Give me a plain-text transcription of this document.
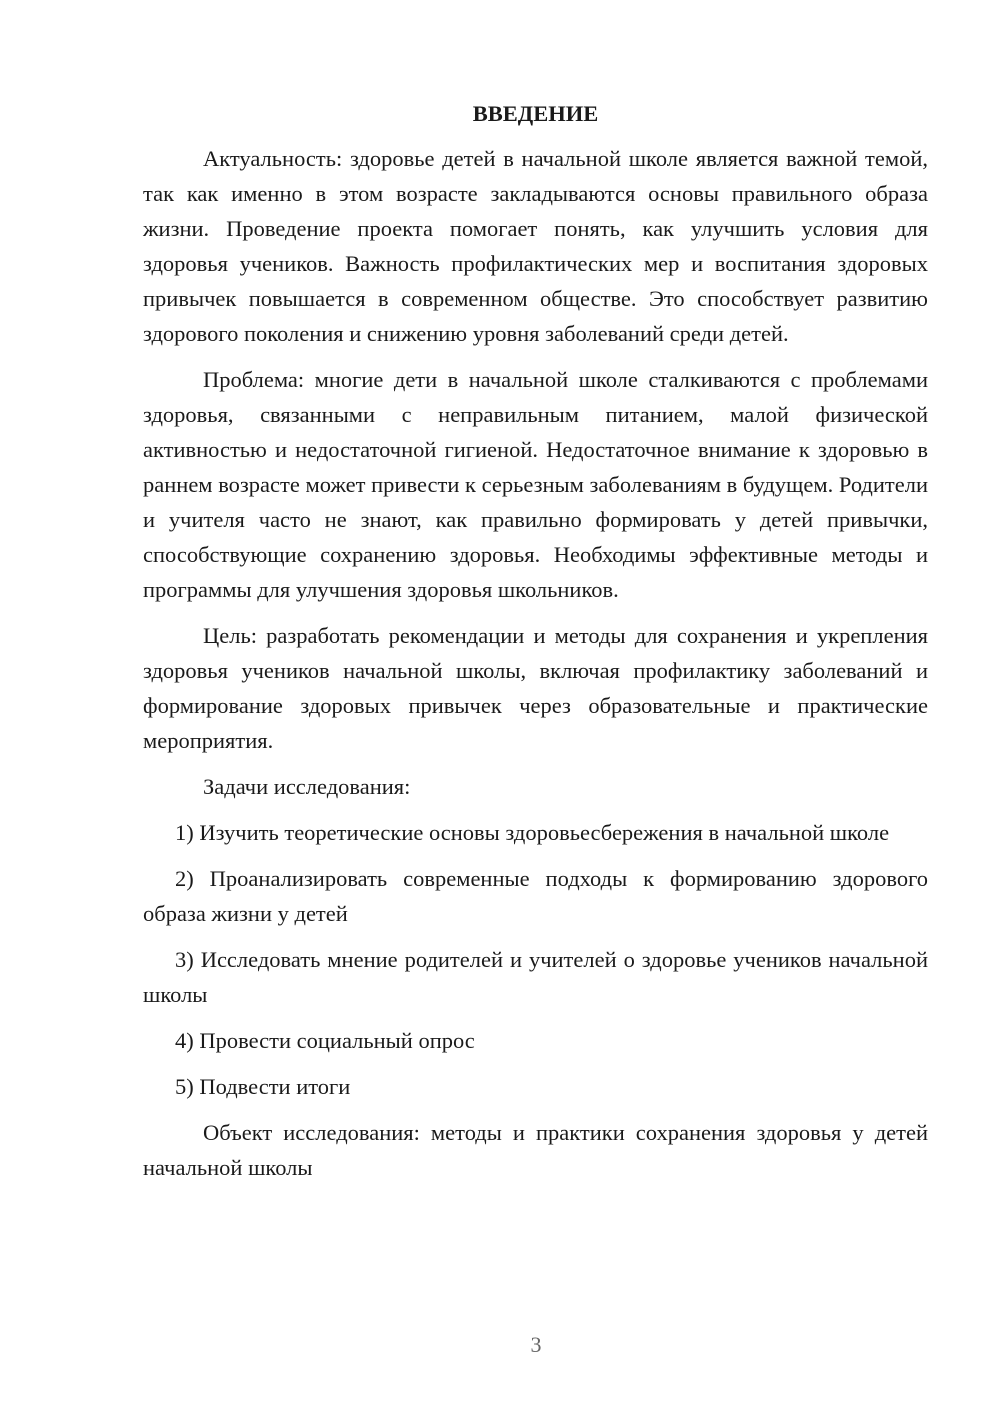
ВВЕДЕНИЕ

Актуальность: здоровье детей в начальной школе является важной темой, так как именно в этом возрасте закладываются основы правильного образа жизни. Проведение проекта помогает понять, как улучшить условия для здоровья учеников. Важность профилактических мер и воспитания здоровых привычек повышается в современном обществе. Это способствует развитию здорового поколения и снижению уровня заболеваний среди детей.

Проблема: многие дети в начальной школе сталкиваются с проблемами здоровья, связанными с неправильным питанием, малой физической активностью и недостаточной гигиеной. Недостаточное внимание к здоровью в раннем возрасте может привести к серьезным заболеваниям в будущем. Родители и учителя часто не знают, как правильно формировать у детей привычки, способствующие сохранению здоровья. Необходимы эффективные методы и программы для улучшения здоровья школьников.

Цель: разработать рекомендации и методы для сохранения и укрепления здоровья учеников начальной школы, включая профилактику заболеваний и формирование здоровых привычек через образовательные и практические мероприятия.

Задачи исследования:

1) Изучить теоретические основы здоровьесбережения в начальной школе

2) Проанализировать современные подходы к формированию здорового образа жизни у детей

3) Исследовать мнение родителей и учителей о здоровье учеников начальной школы

4) Провести социальный опрос

5) Подвести итоги

Объект исследования: методы и практики сохранения здоровья у детей начальной школы

3
